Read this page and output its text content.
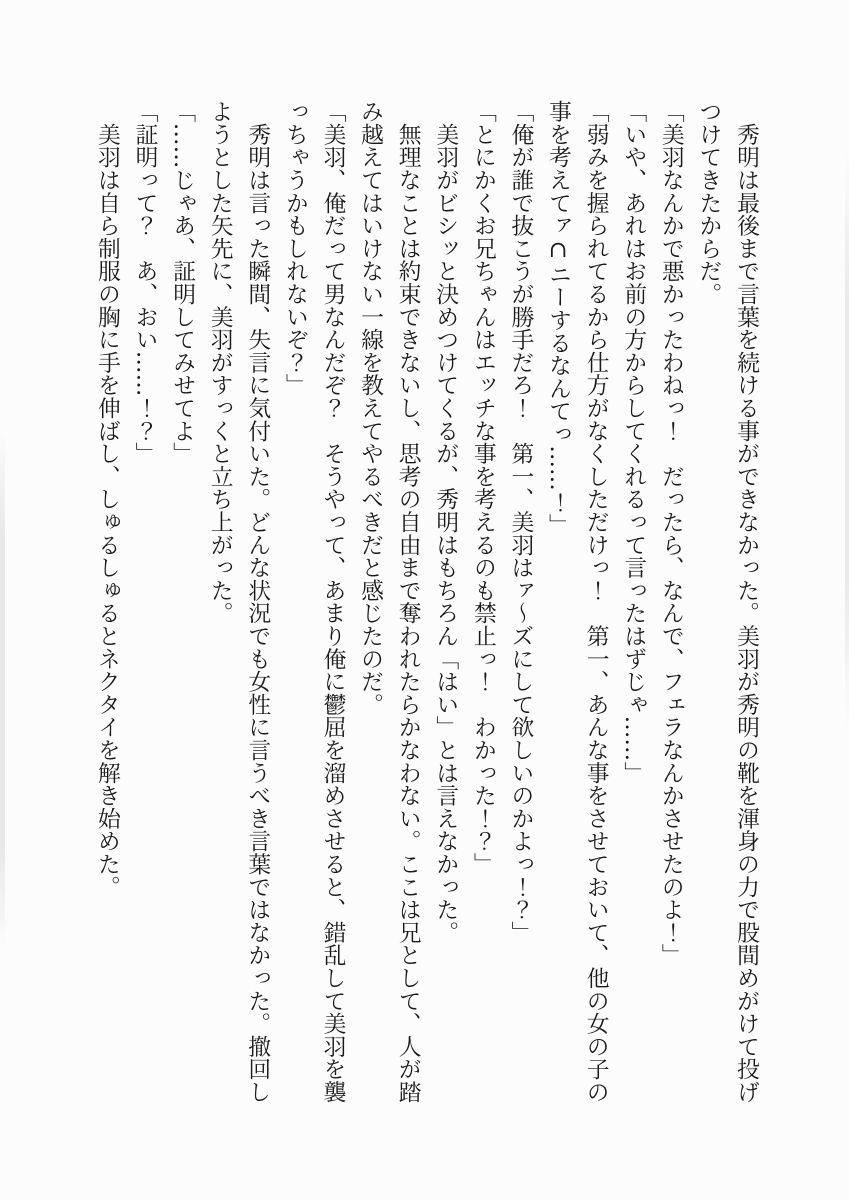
　秀明は最後まで言葉を続ける事ができなかった。美羽が秀明の靴を渾身の力で股間めがけて投げ

つけてきたからだ。

「美羽なんかで悪かったわねっ！　だったら、なんで、フェラなんかさせたのよ！」

「いや、あれはお前の方からしてくれるって言ったはずじゃ……」

「弱みを握られてるから仕方がなくしただけっ！　第一、あんな事をさせておいて、他の女の子の

事を考えてァ∩ニーするなんてっ……！」

「俺が誰で抜こうが勝手だろ！　第一、美羽はァ〜ズにして欲しいのかよっ！？」

「とにかくお兄ちゃんはエッチな事を考えるのも禁止っ！　わかった！？」

　美羽がビシッと決めつけてくるが、秀明はもちろん「はい」とは言えなかった。

　無理なことは約束できないし、思考の自由まで奪われたらかなわない。ここは兄として、人が踏

み越えてはいけない一線を教えてやるべきだと感じたのだ。

「美羽、俺だって男なんだぞ？　そうやって、あまり俺に鬱屈を溜めさせると、錯乱して美羽を襲

っちゃうかもしれないぞ？」

　秀明は言った瞬間、失言に気付いた。どんな状況でも女性に言うべき言葉ではなかった。撤回し

ようとした矢先に、美羽がすっくと立ち上がった。

「……じゃあ、証明してみせてよ」

「証明って？　あ、おい……！？」

　美羽は自ら制服の胸に手を伸ばし、しゅるしゅるとネクタイを解き始めた。
